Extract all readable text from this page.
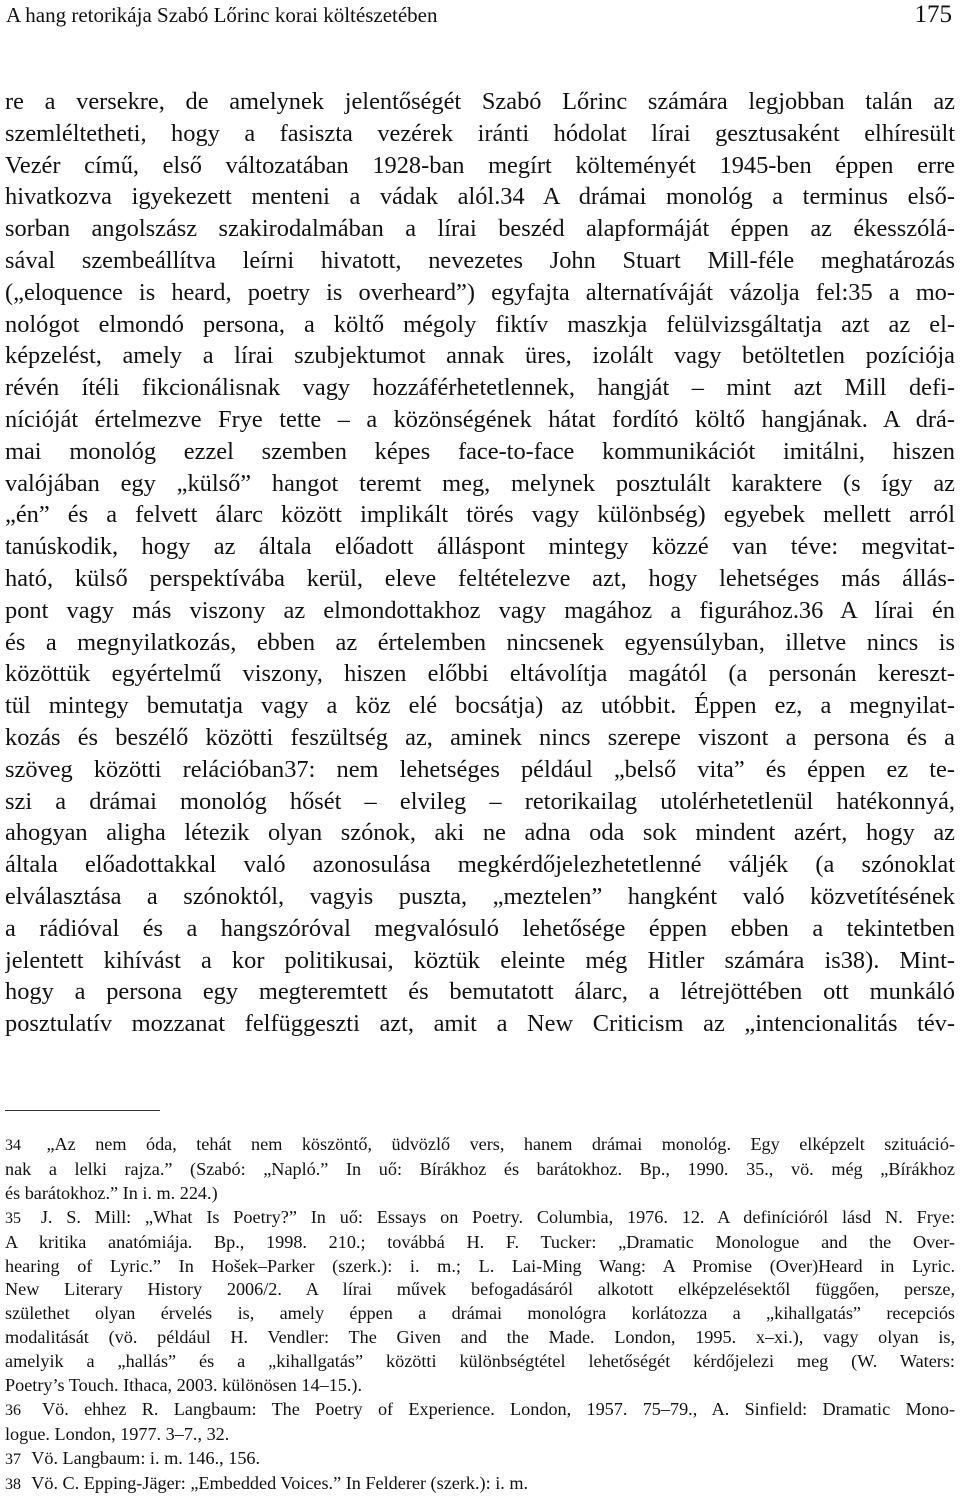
A hang retorikája Szabó Lőrinc korai költészetében	175
re a versekre, de amelynek jelentőségét Szabó Lőrinc számára legjobban talán az
szemléltetheti, hogy a fasiszta vezérek iránti hódolat lírai gesztusaként elhíresült
Vezér című, első változatában 1928-ban megírt költeményét 1945-ben éppen erre
hivatkozva igyekezett menteni a vádak alól.34 A drámai monológ a terminus első-
sorban angolszász szakirodalmában a lírai beszéd alapformáját éppen az ékesszólá-
sával szembeállítva leírni hivatott, nevezetes John Stuart Mill-féle meghatározás
(„eloquence is heard, poetry is overheard”) egyfajta alternatíváját vázolja fel:35 a mo-
nológot elmondó persona, a költő mégoly fiktív maszkja felülvizsgáltatja azt az el-
képzelést, amely a lírai szubjektumot annak üres, izolált vagy betöltetlen pozíciója
révén ítéli fikcionálisnak vagy hozzáférhetetlennek, hangját – mint azt Mill defi-
nícióját értelmezve Frye tette – a közönségének hátat fordító költő hangjának. A drá-
mai monológ ezzel szemben képes face-to-face kommunikációt imitálni, hiszen
valójában egy „külső” hangot teremt meg, melynek posztulált karaktere (s így az
„én” és a felvett álarc között implikált törés vagy különbség) egyebek mellett arról
tanúskodik, hogy az általa előadott álláspont mintegy közzé van téve: megvitat-
ható, külső perspektívába kerül, eleve feltételezve azt, hogy lehetséges más állás-
pont vagy más viszony az elmondottakhoz vagy magához a figurához.36 A lírai én
és a megnyilatkozás, ebben az értelemben nincsenek egyensúlyban, illetve nincs is
közöttük egyértelmű viszony, hiszen előbbi eltávolítja magától (a personán kereszt-
tül mintegy bemutatja vagy a köz elé bocsátja) az utóbbit. Éppen ez, a megnyilat-
kozás és beszélő közötti feszültség az, aminek nincs szerepe viszont a persona és a
szöveg közötti relációban37: nem lehetséges például „belső vita” és éppen ez te-
szi a drámai monológ hősét – elvileg – retorikailag utolérhetetlenül hatékonnyá,
ahogyan aligha létezik olyan szónok, aki ne adna oda sok mindent azért, hogy az
általa előadottakkal való azonosulása megkérdőjelezhetetlenné váljék (a szónoklat
elválasztása a szónoktól, vagyis puszta, „meztelen” hangként való közvetítésének
a rádióval és a hangszóróval megvalósuló lehetősége éppen ebben a tekintetben
jelentett kihívást a kor politikusai, köztük eleinte még Hitler számára is38). Mint-
hogy a persona egy megteremtett és bemutatott álarc, a létrejöttében ott munkáló
posztulatív mozzanat felfüggeszti azt, amit a New Criticism az „intencionalitás tév-
34 „Az nem óda, tehát nem köszöntő, üdvözlő vers, hanem drámai monológ. Egy elképzelt szituáció-
nak a lelki rajza.” (Szabó: „Napló.” In uő: Bírákhoz és barátokhoz. Bp., 1990. 35., vö. még „Bírákhoz
és barátokhoz.” In i. m. 224.)
35 J. S. Mill: „What Is Poetry?” In uő: Essays on Poetry. Columbia, 1976. 12. A definícióról lásd N. Frye:
A kritika anatómiája. Bp., 1998. 210.; továbbá H. F. Tucker: „Dramatic Monologue and the Over-
hearing of Lyric.” In Hošek–Parker (szerk.): i. m.; L. Lai-Ming Wang: A Promise (Over)Heard in Lyric.
New Literary History 2006/2. A lírai művek befogadásáról alkotott elképzelésektől függően, persze,
születhet olyan érvelés is, amely éppen a drámai monológra korlátozza a „kihallgatás” recepciós
modalitását (vö. például H. Vendler: The Given and the Made. London, 1995. x–xi.), vagy olyan is,
amelyik a „hallás” és a „kihallgatás” közötti különbségtétel lehetőségét kérdőjelezi meg (W. Waters:
Poetry’s Touch. Ithaca, 2003. különösen 14–15.).
36 Vö. ehhez R. Langbaum: The Poetry of Experience. London, 1957. 75–79., A. Sinfield: Dramatic Mono-
logue. London, 1977. 3–7., 32.
37 Vö. Langbaum: i. m. 146., 156.
38 Vö. C. Epping-Jäger: „Embedded Voices.” In Felderer (szerk.): i. m.
